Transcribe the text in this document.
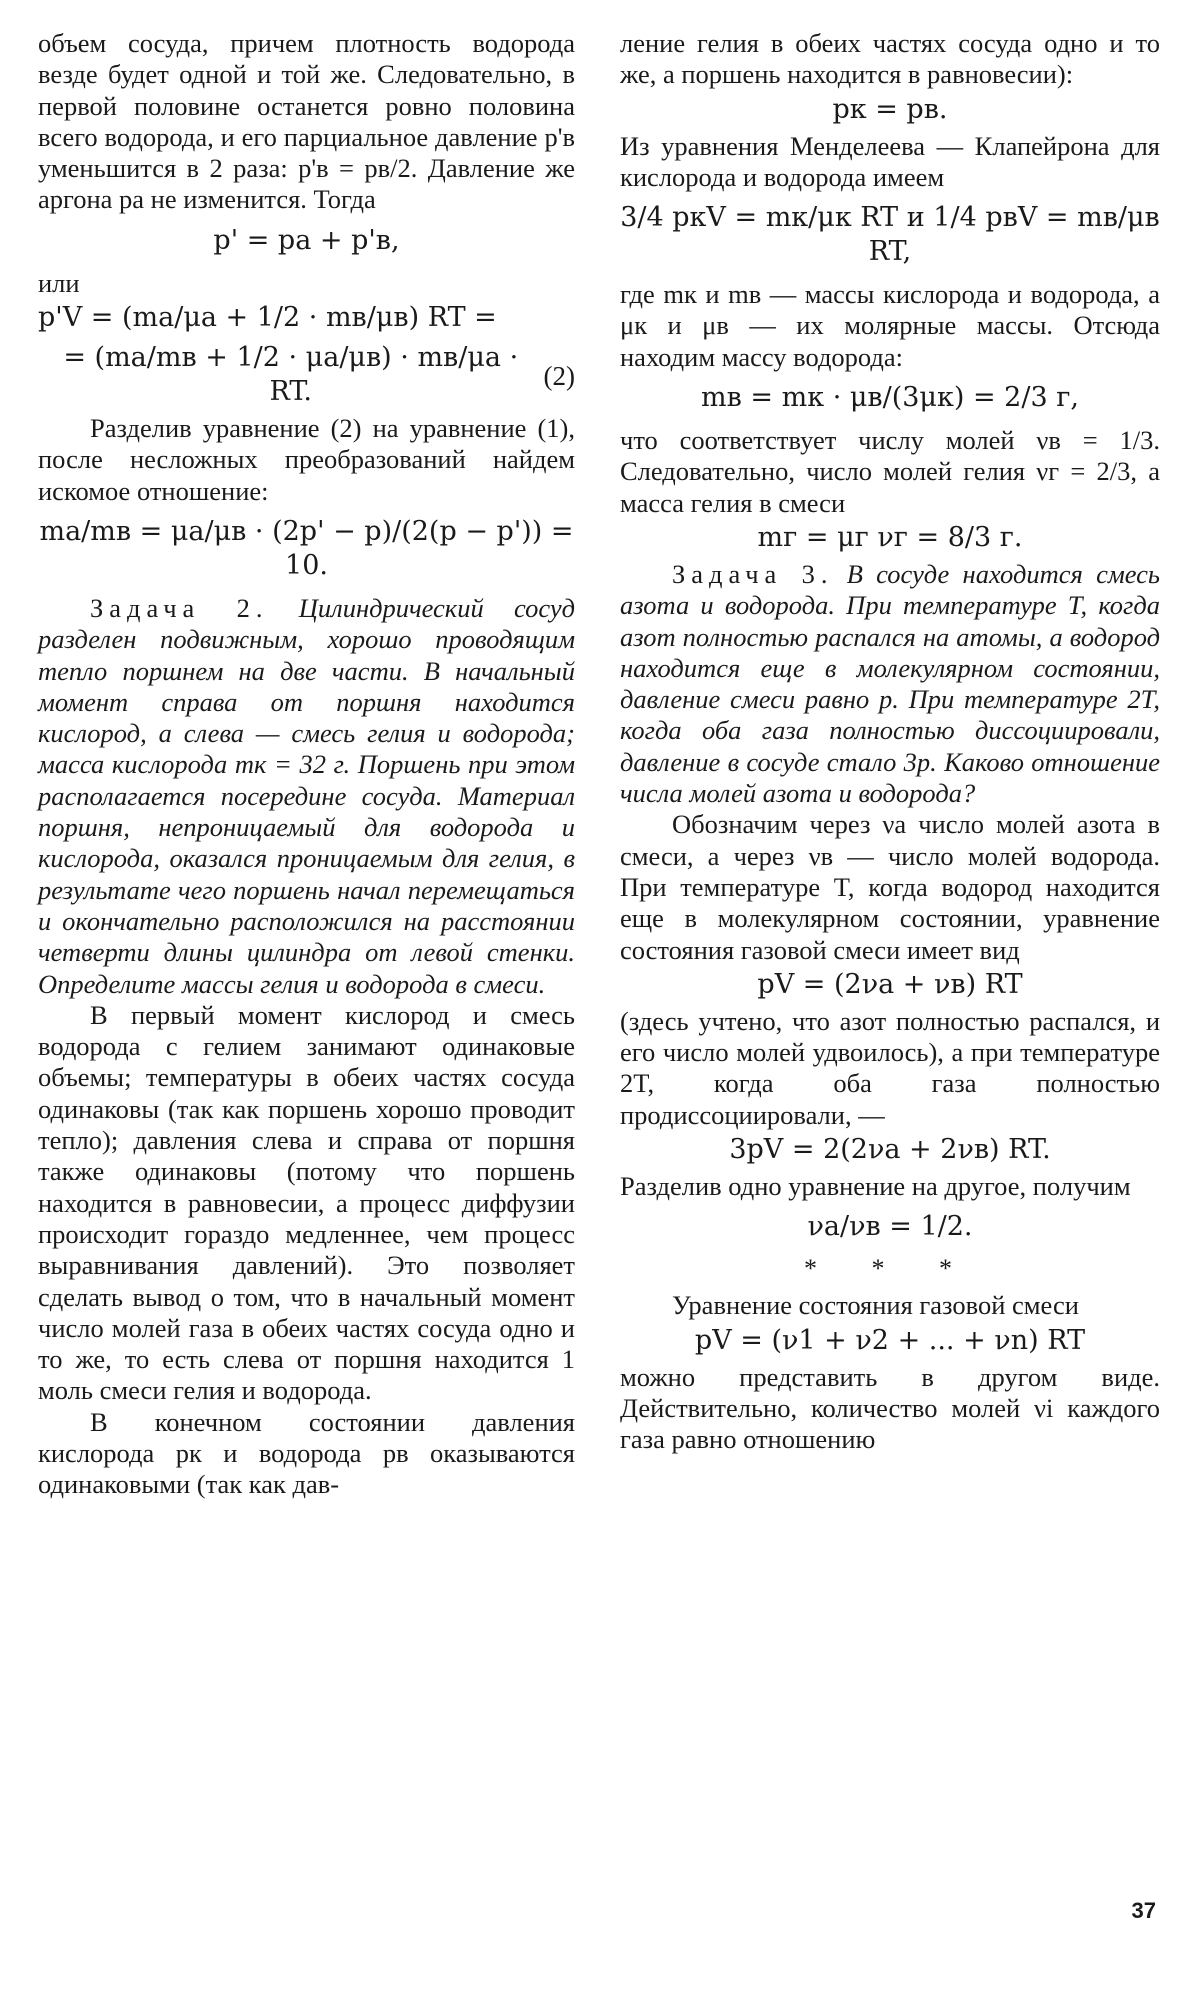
объем сосуда, причем плотность водорода везде будет одной и той же. Следовательно, в первой половине останется ровно половина всего водорода, и его парциальное давление p'в уменьшится в 2 раза: p'в = pв/2. Давление же аргона pа не изменится. Тогда

p' = pа + p'в,

или

p'V = (mа/μа + 1/2 · mв/μв) RT =
= (mа/mв + 1/2 · μа/μв) · mв/μа · RT.
(2)

Разделив уравнение (2) на уравнение (1), после несложных преобразований найдем искомое отношение:

mа/mв = μа/μв · (2p' − p)/(2(p − p')) = 10.

Задача 2. Цилиндрический сосуд разделен подвижным, хорошо проводящим тепло поршнем на две части. В начальный момент справа от поршня находится кислород, а слева — смесь гелия и водорода; масса кислорода mк = 32 г. Поршень при этом располагается посередине сосуда. Материал поршня, непроницаемый для водорода и кислорода, оказался проницаемым для гелия, в результате чего поршень начал перемещаться и окончательно расположился на расстоянии четверти длины цилиндра от левой стенки. Определите массы гелия и водорода в смеси.

В первый момент кислород и смесь водорода с гелием занимают одинаковые объемы; температуры в обеих частях сосуда одинаковы (так как поршень хорошо проводит тепло); давления слева и справа от поршня также одинаковы (потому что поршень находится в равновесии, а процесс диффузии происходит гораздо медленнее, чем процесс выравнивания давлений). Это позволяет сделать вывод о том, что в начальный момент число молей газа в обеих частях сосуда одно и то же, то есть слева от поршня находится 1 моль смеси гелия и водорода.

В конечном состоянии давления кислорода pк и водорода pв оказываются одинаковыми (так как дав-

ление гелия в обеих частях сосуда одно и то же, а поршень находится в равновесии):

pк = pв.

Из уравнения Менделеева — Клапейрона для кислорода и водорода имеем

3/4 pкV = mк/μк RT и 1/4 pвV = mв/μв RT,

где mк и mв — массы кислорода и водорода, а μк и μв — их молярные массы. Отсюда находим массу водорода:

mв = mк · μв/(3μк) = 2/3 г,

что соответствует числу молей νв = 1/3. Следовательно, число молей гелия νг = 2/3, а масса гелия в смеси

mг = μг νг = 8/3 г.

Задача 3. В сосуде находится смесь азота и водорода. При температуре T, когда азот полностью распался на атомы, а водород находится еще в молекулярном состоянии, давление смеси равно p. При температуре 2T, когда оба газа полностью диссоциировали, давление в сосуде стало 3p. Каково отношение числа молей азота и водорода?

Обозначим через νа число молей азота в смеси, а через νв — число молей водорода. При температуре T, когда водород находится еще в молекулярном состоянии, уравнение состояния газовой смеси имеет вид

pV = (2νа + νв) RT

(здесь учтено, что азот полностью распался, и его число молей удвоилось), а при температуре 2T, когда оба газа полностью продиссоциировали, —

3pV = 2(2νа + 2νв) RT.

Разделив одно уравнение на другое, получим

νа/νв = 1/2.
* * *

Уравнение состояния газовой смеси

pV = (ν1 + ν2 + ... + νn) RT

можно представить в другом виде. Действительно, количество молей νi каждого газа равно отношению

37
